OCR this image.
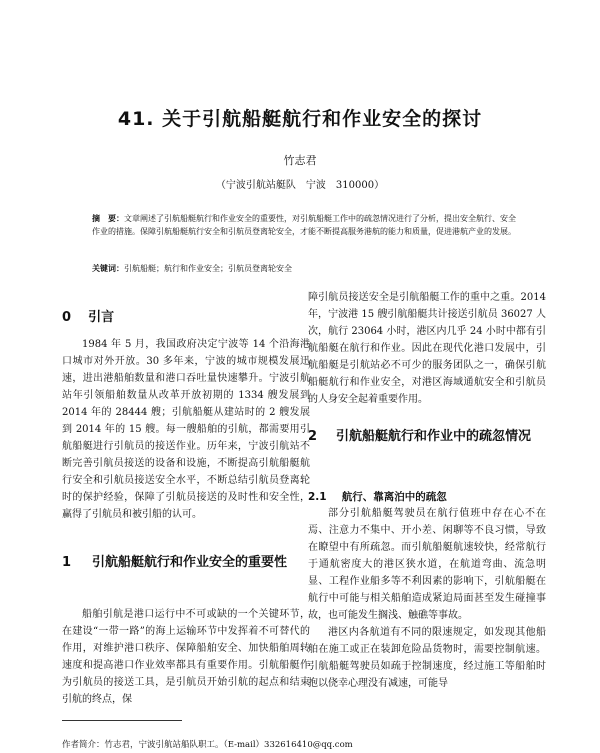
41. 关于引航船艇航行和作业安全的探讨
竹志君
（宁波引航站艇队　宁波　310000）
摘　要：文章阐述了引航船艇航行和作业安全的重要性，对引航船艇工作中的疏忽情况进行了分析，提出安全航行、安全作业的措施。保障引航船艇航行安全和引航员登离轮安全，才能不断提高服务港航的能力和质量，促进港航产业的发展。
关键词：引航船艇；航行和作业安全；引航员登离轮安全
0 引言

1984 年 5 月，我国政府决定宁波等 14 个沿海港口城市对外开放。30 多年来，宁波的城市规模发展迅速，进出港船舶数量和港口吞吐量快速攀升。宁波引航站年引领船舶数量从改革开放初期的 1334 艘发展到 2014 年的 28444 艘；引航船艇从建站时的 2 艘发展到 2014 年的 15 艘。每一艘船舶的引航，都需要用引航船艇进行引航员的接送作业。历年来，宁波引航站不断完善引航员接送的设备和设施，不断提高引航船艇航行安全和引航员接送安全水平，不断总结引航员登离轮时的保护经验，保障了引航员接送的及时性和安全性，赢得了引航员和被引船的认可。

1	引航船艇航行和作业安全的重要性

船舶引航是港口运行中不可或缺的一个关键环节，在建设“一带一路”的海上运输环节中发挥着不可替代的作用，对维护港口秩序、保障船舶安全、加快船舶周转速度和提高港口作业效率都具有重要作用。引航船艇作为引航员的接送工具，是引航员开始引航的起点和结束引航的终点，保

障引航员接送安全是引航船艇工作的重中之重。2014 年，宁波港 15 艘引航船艇共计接送引航员 36027 人次，航行 23064 小时，港区内几乎 24 小时中都有引航船艇在航行和作业。因此在现代化港口发展中，引航船艇是引航站必不可少的服务团队之一，确保引航船艇航行和作业安全，对港区海域通航安全和引航员的人身安全起着重要作用。

2	引航船艇航行和作业中的疏忽情况
2.1 航行、靠离泊中的疏忽

部分引航船艇驾驶员在航行值班中存在心不在焉、注意力不集中、开小差、闲聊等不良习惯，导致在瞭望中有所疏忽。而引航船艇航速较快，经常航行于通航密度大的港区狭水道，在航道弯曲、流急明显、工程作业船多等不利因素的影响下，引航船艇在航行中可能与相关船舶造成紧迫局面甚至发生碰撞事故，也可能发生搁浅、触礁等事故。

港区内各航道有不同的限速规定，如发现其他船舶在施工或正在装卸危险品货物时，需要控制航速。引航船艇驾驶员如疏于控制速度，经过施工等船舶时抱以侥幸心理没有减速，可能导

作者简介：竹志君，宁波引航站船队职工。（E-mail）332616410@qq.com
